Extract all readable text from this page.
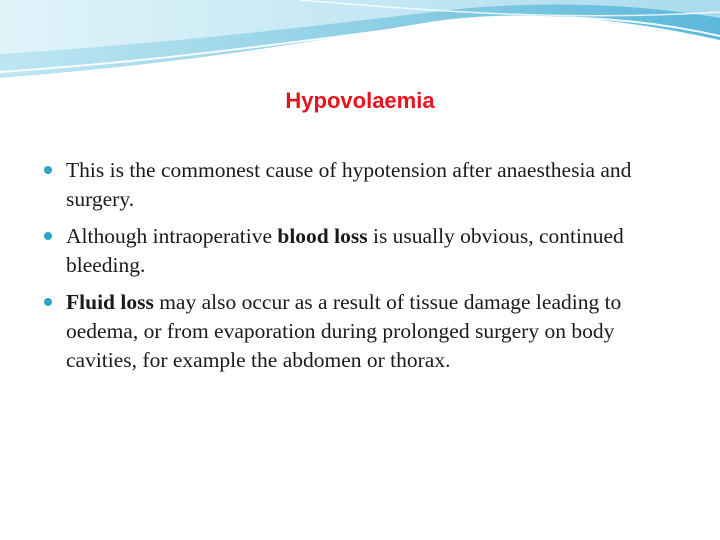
Hypovolaemia
This is the commonest cause of hypotension after anaesthesia and surgery.
Although intraoperative blood loss is usually obvious, continued bleeding.
Fluid loss may also occur as a result of tissue damage leading to oedema, or from evaporation during prolonged surgery on body cavities, for example the abdomen or thorax.
